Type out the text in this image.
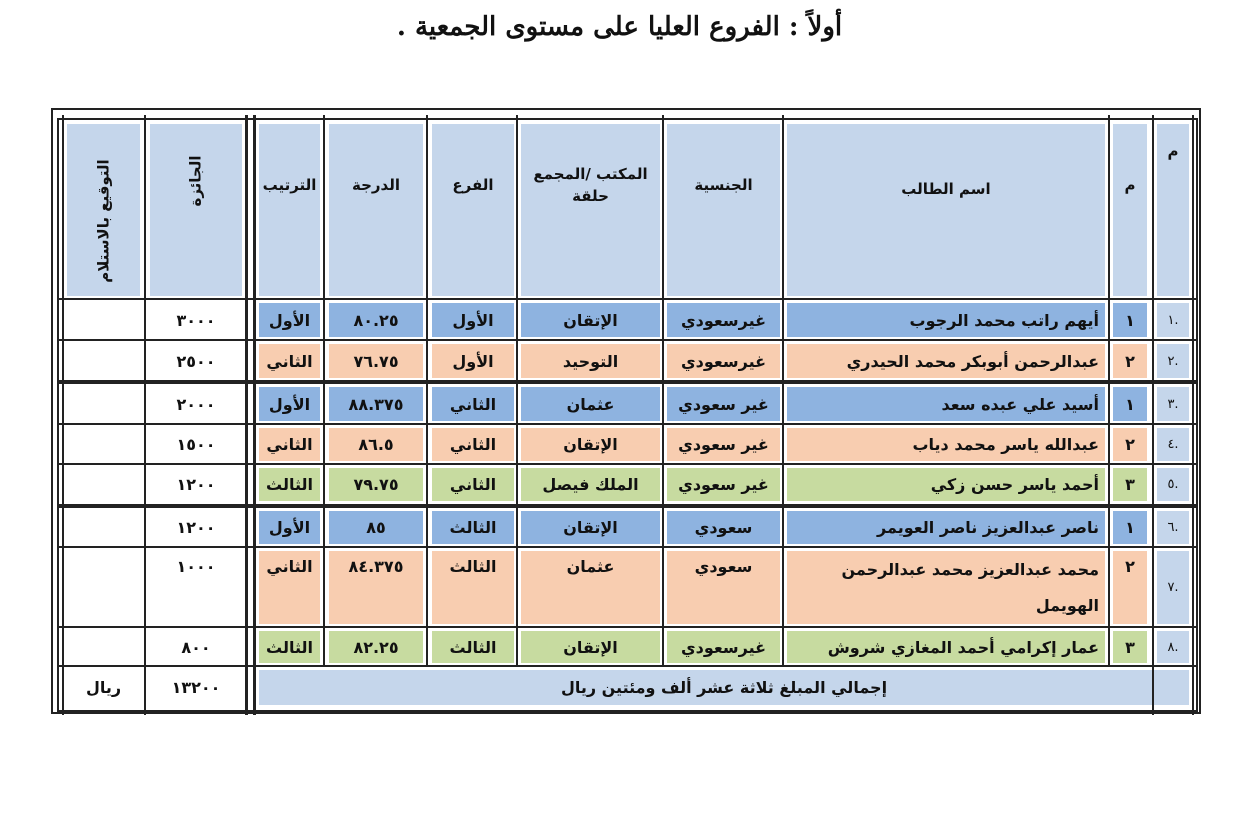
أولاً : الفروع العليا على مستوى الجمعية .
م
م
اسم الطالب
الجنسية
المكتب /المجمع
حلقة
الفرع
الدرجة
الترتيب
الجائزة
التوقيع بالاستلام
.١
١
أيهم راتب محمد الرجوب
غيرسعودي
الإتقان
الأول
٨٠.٢٥
الأول
٣٠٠٠
.٢
٢
عبدالرحمن أبوبكر محمد الحيدري
غيرسعودي
التوحيد
الأول
٧٦.٧٥
الثاني
٢٥٠٠
.٣
١
أسيد علي عبده سعد
غير سعودي
عثمان
الثاني
٨٨.٣٧٥
الأول
٢٠٠٠
.٤
٢
عبدالله ياسر محمد دياب
غير سعودي
الإتقان
الثاني
٨٦.٥
الثاني
١٥٠٠
.٥
٣
أحمد ياسر حسن زكي
غير سعودي
الملك فيصل
الثاني
٧٩.٧٥
الثالث
١٢٠٠
.٦
١
ناصر عبدالعزيز ناصر العويمر
سعودي
الإتقان
الثالث
٨٥
الأول
١٢٠٠
.٧
٢
محمد عبدالعزيز محمد عبدالرحمن
الهويمل
سعودي
عثمان
الثالث
٨٤.٣٧٥
الثاني
١٠٠٠
.٨
٣
عمار إكرامي أحمد المغازي شروش
غيرسعودي
الإتقان
الثالث
٨٢.٢٥
الثالث
٨٠٠
إجمالي المبلغ ثلاثة عشر ألف ومئتين ريال
١٣٢٠٠
ريال
